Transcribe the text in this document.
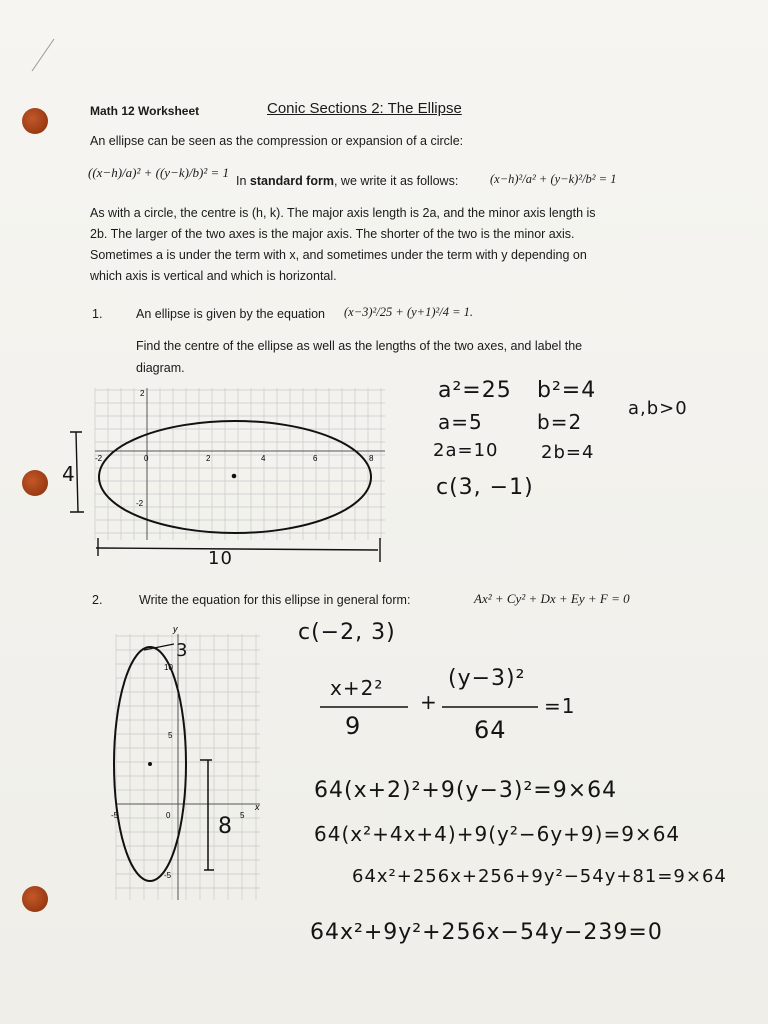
Math 12 Worksheet	Conic Sections 2: The Ellipse
An ellipse can be seen as the compression or expansion of a circle:
((x−h)/a)² + ((y−k)/b)² = 1
In standard form, we write it as follows:	(x−h)²/a² + (y−k)²/b² = 1
As with a circle, the centre is (h, k). The major axis length is 2a, and the minor axis length is
2b. The larger of the two axes is the major axis. The shorter of the two is the minor axis.
Sometimes a is under the term with x, and sometimes under the term with y depending on
which axis is vertical and which is horizontal.
1.	An ellipse is given by the equation (x−3)²/25 + (y+1)²/4 = 1.
Find the centre of the ellipse as well as the lengths of the two axes, and label the
diagram.
-2	0	2	4	6	8
2
-2
4
10
a²=25 b²=4
a,b>0
a=5	b=2
2a=10 2b=4
c(3, −1)
2.	Write the equation for this ellipse in general form:	Ax² + Cy² + Dx + Ey + F = 0
y
x
-5	0	5
10
5
-5
3
8
c(−2, 3)
x+2²
9
+
(y−3)²
64
=1
64(x+2)²+9(y−3)²=9×64
64(x²+4x+4)+9(y²−6y+9)=9×64
64x²+256x+256+9y²−54y+81=9×64
64x²+9y²+256x−54y−239=0
